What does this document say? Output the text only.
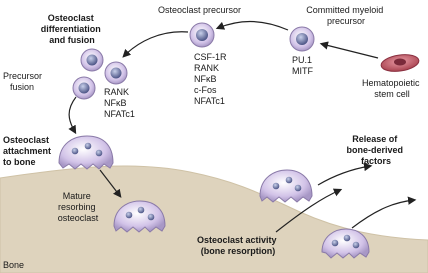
Osteoclast precursor	Committed myeloid precursor
Osteoclast differentiation and fusion
Precursor fusion
CSF-1R RANK NFκB c-Fos NFATc1
PU.1 MITF
Hematopoietic stem cell
RANK NFκB NFATc1
Osteoclast attachment to bone
Mature resorbing osteoclast
Osteoclast activity (bone resorption)
Release of bone-derived factors
Bone
